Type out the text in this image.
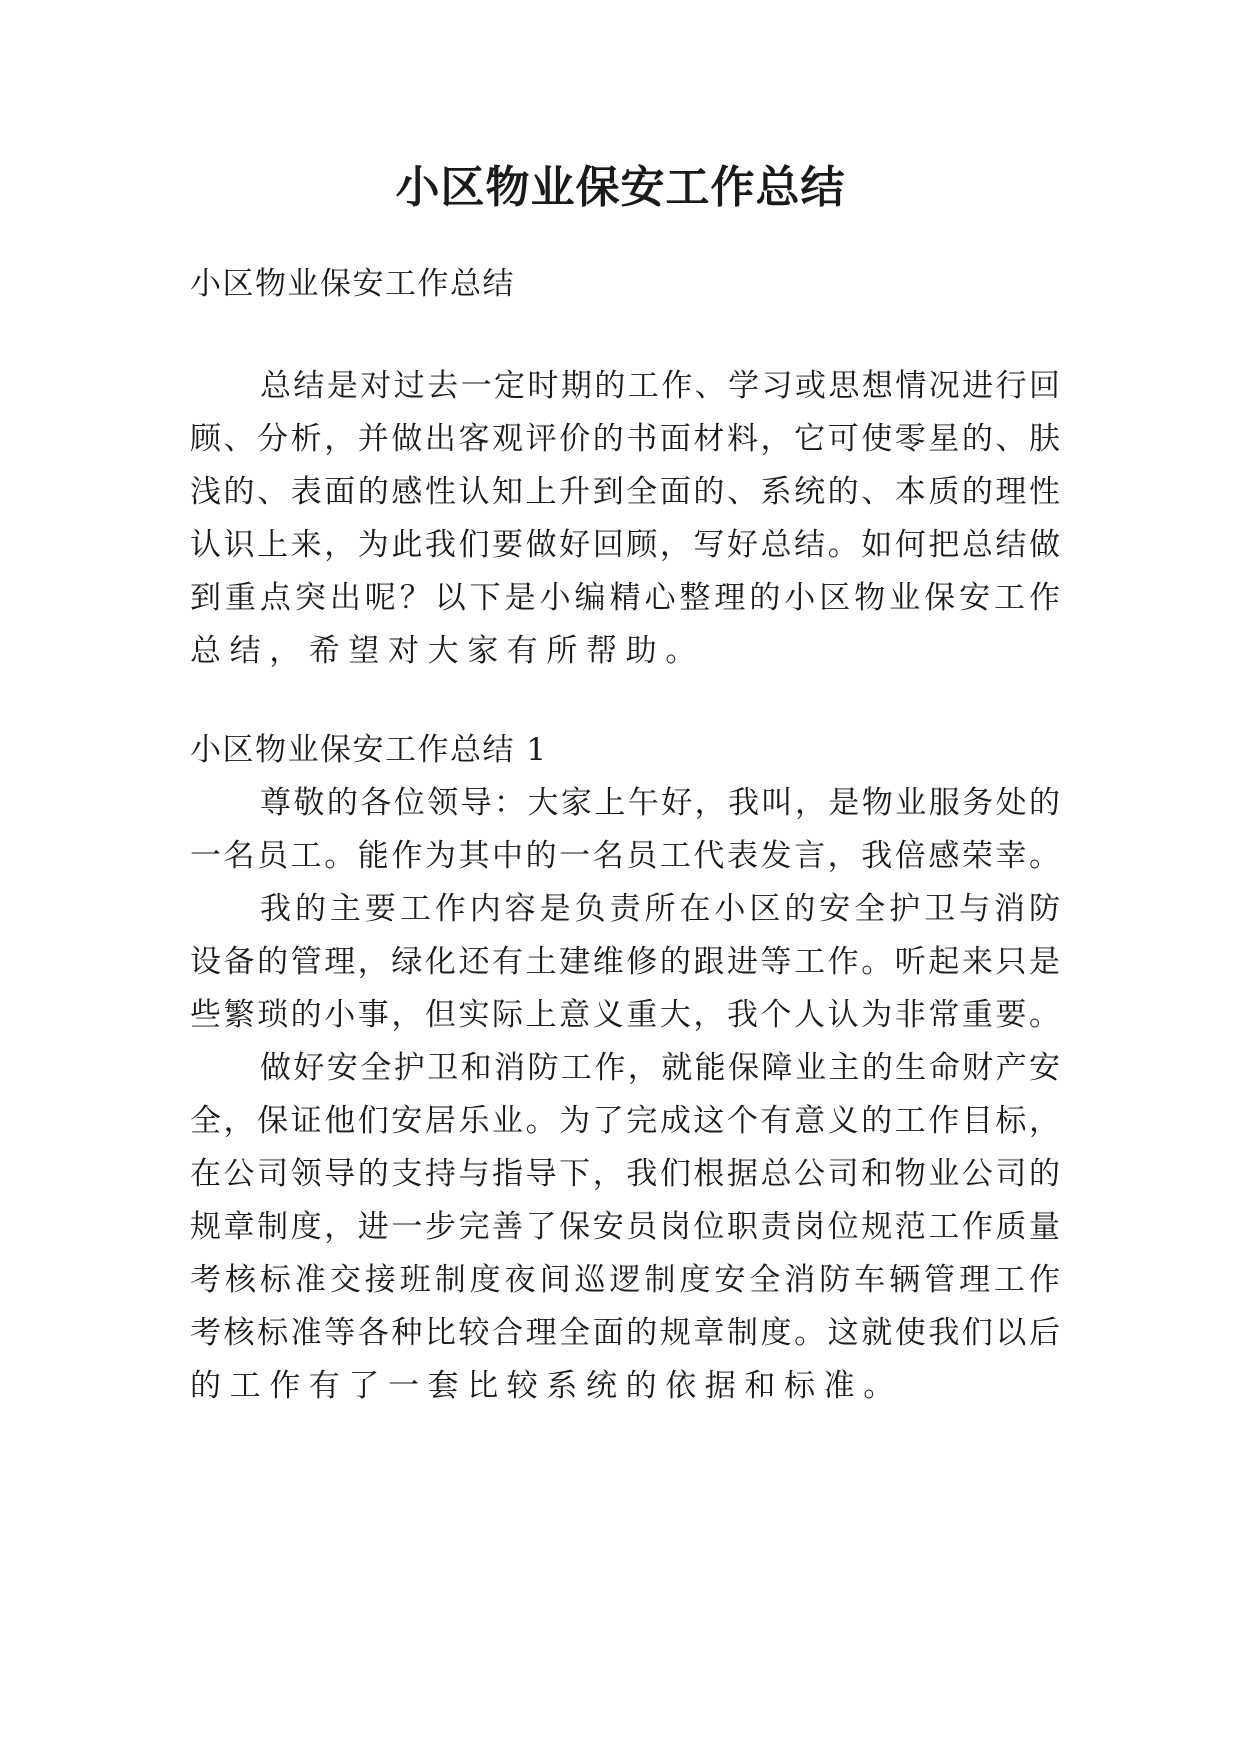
小区物业保安工作总结
小区物业保安工作总结
总结是对过去一定时期的工作、学习或思想情况进行回
顾、分析，并做出客观评价的书面材料，它可使零星的、肤
浅的、表面的感性认知上升到全面的、系统的、本质的理性
认识上来，为此我们要做好回顾，写好总结。如何把总结做
到重点突出呢？以下是小编精心整理的小区物业保安工作
总结，希望对大家有所帮助。
小区物业保安工作总结 1
尊敬的各位领导：大家上午好，我叫，是物业服务处的
一名员工。能作为其中的一名员工代表发言，我倍感荣幸。
我的主要工作内容是负责所在小区的安全护卫与消防
设备的管理，绿化还有土建维修的跟进等工作。听起来只是
些繁琐的小事，但实际上意义重大，我个人认为非常重要。
做好安全护卫和消防工作，就能保障业主的生命财产安
全，保证他们安居乐业。为了完成这个有意义的工作目标，
在公司领导的支持与指导下，我们根据总公司和物业公司的
规章制度，进一步完善了保安员岗位职责岗位规范工作质量
考核标准交接班制度夜间巡逻制度安全消防车辆管理工作
考核标准等各种比较合理全面的规章制度。这就使我们以后
的工作有了一套比较系统的依据和标准。
